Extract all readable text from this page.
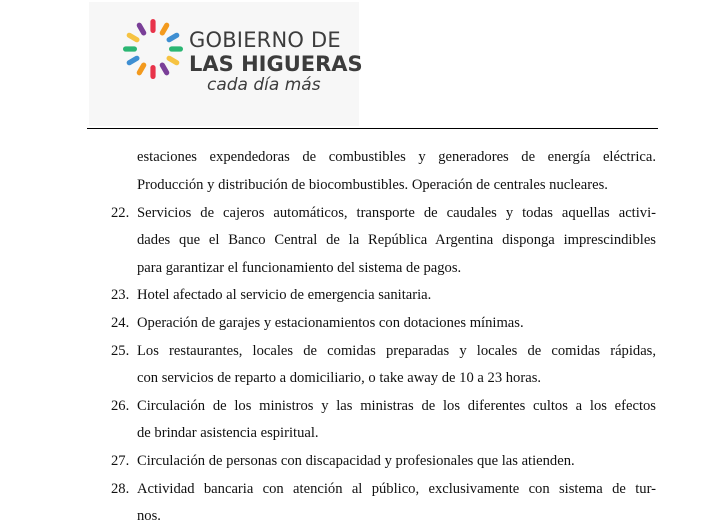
GOBIERNO DE
LAS HIGUERAS
cada día más
estaciones expendedoras de combustibles y generadores de energía eléctrica.
Producción y distribución de biocombustibles. Operación de centrales nucleares.
22. Servicios de cajeros automáticos, transporte de caudales y todas aquellas activi-
dades que el Banco Central de la República Argentina disponga imprescindibles
para garantizar el funcionamiento del sistema de pagos.
23. Hotel afectado al servicio de emergencia sanitaria.
24. Operación de garajes y estacionamientos con dotaciones mínimas.
25. Los restaurantes, locales de comidas preparadas y locales de comidas rápidas,
con servicios de reparto a domiciliario, o take away de 10 a 23 horas.
26. Circulación de los ministros y las ministras de los diferentes cultos a los efectos
de brindar asistencia espiritual.
27. Circulación de personas con discapacidad y profesionales que las atienden.
28. Actividad bancaria con atención al público, exclusivamente con sistema de tur-
nos.
